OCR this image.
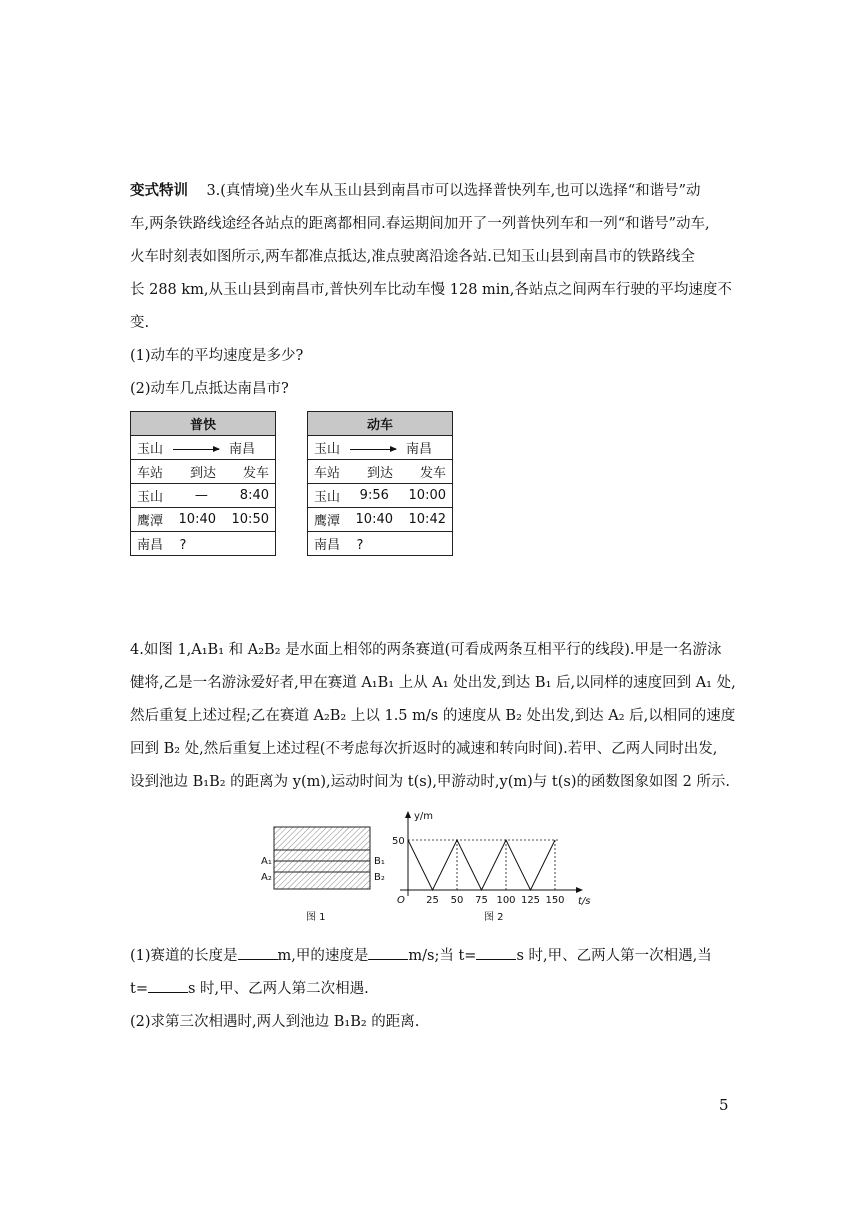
变式特训 3.(真情境)坐火车从玉山县到南昌市可以选择普快列车,也可以选择“和谐号”动

车,两条铁路线途经各站点的距离都相同.春运期间加开了一列普快列车和一列“和谐号”动车,

火车时刻表如图所示,两车都准点抵达,准点驶离沿途各站.已知玉山县到南昌市的铁路线全

长 288 km,从玉山县到南昌市,普快列车比动车慢 128 min,各站点之间两车行驶的平均速度不

变.

(1)动车的平均速度是多少?

(2)动车几点抵达南昌市?

普快
玉山	南昌

车站 到达 发车

玉山 — 8:40

鹰潭 10:40 10:50

南昌 ?
动车
玉山	南昌

车站 到达 发车

玉山 9:56 10:00

鹰潭 10:40 10:42

南昌 ?

4.如图 1,A₁B₁ 和 A₂B₂ 是水面上相邻的两条赛道(可看成两条互相平行的线段).甲是一名游泳

健将,乙是一名游泳爱好者,甲在赛道 A₁B₁ 上从 A₁ 处出发,到达 B₁ 后,以同样的速度回到 A₁ 处,

然后重复上述过程;乙在赛道 A₂B₂ 上以 1.5 m/s 的速度从 B₂ 处出发,到达 A₂ 后,以相同的速度

回到 B₂ 处,然后重复上述过程(不考虑每次折返时的减速和转向时间).若甲、乙两人同时出发,

设到池边 B₁B₂ 的距离为 y(m),运动时间为 t(s),甲游动时,y(m)与 t(s)的函数图象如图 2 所示.

A₁
A₂
B₁
B₂
图 1
25 50 75 100 125 150
y/m
t/s
O
50
图 2

(1)赛道的长度是	m,甲的速度是	m/s;当 t=	s 时,甲、乙两人第一次相遇,当

t=	s 时,甲、乙两人第二次相遇.

(2)求第三次相遇时,两人到池边 B₁B₂ 的距离.

5
